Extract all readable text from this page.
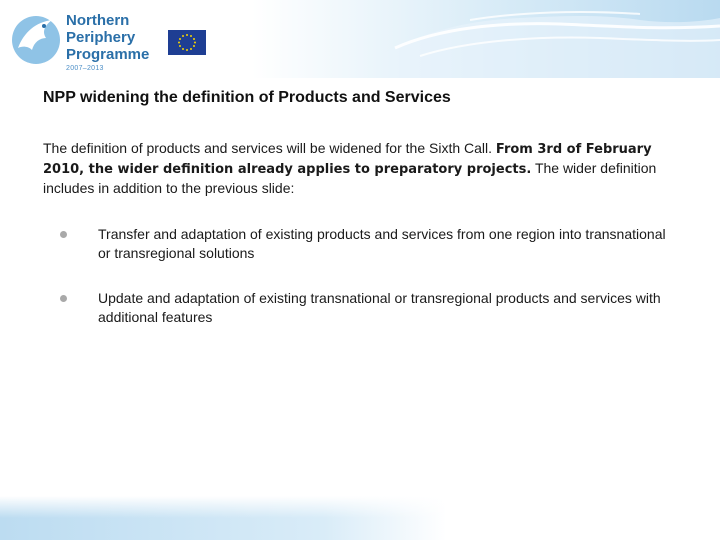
Northern
Periphery
Programme
2007–2013
NPP widening the definition of Products and Services
The definition of products and services will be widened for the Sixth Call. From 3rd of February 2010, the wider definition already applies to preparatory projects. The wider definition includes in addition to the previous slide:
Transfer and adaptation of existing products and services from one region into transnational or transregional solutions
Update and adaptation of existing transnational or transregional products and services with additional features
